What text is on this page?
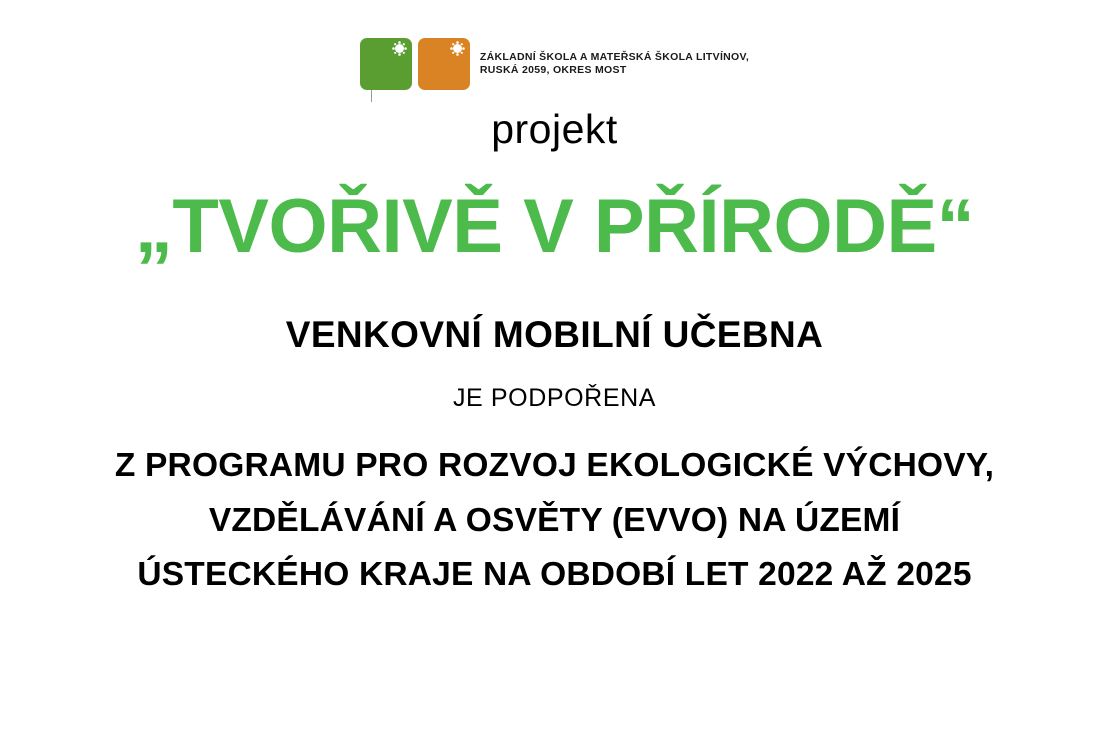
ZÁKLADNÍ ŠKOLA A MATEŘSKÁ ŠKOLA LITVÍNOV,
RUSKÁ 2059, OKRES MOST
projekt
„TVOŘIVĚ V PŘÍRODĚ“
VENKOVNÍ MOBILNÍ UČEBNA
JE PODPOŘENA
Z PROGRAMU PRO ROZVOJ EKOLOGICKÉ VÝCHOVY,
VZDĚLÁVÁNÍ A OSVĚTY (EVVO) NA ÚZEMÍ
ÚSTECKÉHO KRAJE NA OBDOBÍ LET 2022 AŽ 2025
